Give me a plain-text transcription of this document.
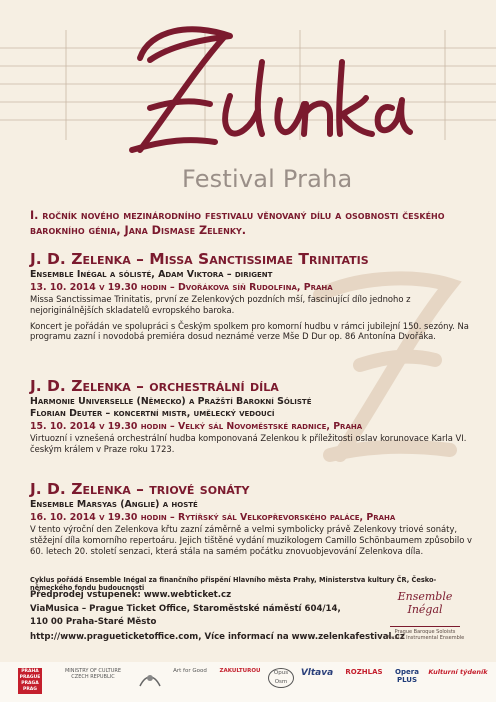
Festival Praha
I. ročník nového mezinárodního festivalu věnovaný dílu a osobnosti českého barokního génia, Jana Dismase Zelenky.
J. D. Zelenka – Missa Sanctissimae Trinitatis
Ensemble Inégal a sólisté, Adam Viktora – dirigent
13. 10. 2014 v 19.30 hodin – Dvořákova síň Rudolfina, Praha
Missa Sanctissimae Trinitatis, první ze Zelenkových pozdních mší, fascinující dílo jednoho z nejoriginálnějších skladatelů evropského baroka.
Koncert je pořádán ve spolupráci s Českým spolkem pro komorní hudbu v rámci jubilejní 150. sezóny. Na programu zazní i novodobá premiéra dosud neznámé verze Mše D Dur op. 86 Antonína Dvořáka.
J. D. Zelenka – orchestrální díla
Harmonie Universelle (Německo) a Pražští Barokní Sólisté
Florian Deuter – koncertní mistr, umělecký vedoucí
15. 10. 2014 v 19.30 hodin – Velký sál Novoměstské radnice, Praha
Virtuozní i vznešená orchestrální hudba komponovaná Zelenkou k příležitosti oslav korunovace Karla VI. českým králem v Praze roku 1723.
J. D. Zelenka – triové sonáty
Ensemble Marsyas (Anglie) a hosté
16. 10. 2014 v 19.30 hodin – Rytířský sál Velkopřevorského paláce, Praha
V tento výroční den Zelenkova křtu zazní záměrně a velmi symbolicky právě Zelenkovy triové sonáty, stěžejní díla komorního repertoáru. Jejich tištěné vydání muzikologem Camillo Schönbaumem způsobilo v 60. letech 20. století senzaci, která stála na samém počátku znovuobjevování Zelenkova díla.
Cyklus pořádá Ensemble Inégal za finančního přispění Hlavního města Prahy, Ministerstva kultury ČR, Česko-německého fondu budoucnosti
Předprodej vstupenek: www.webticket.cz
ViaMusica – Prague Ticket Office, Staroměstské náměstí 604/14,
110 00 Praha-Staré Město
http://www.pragueticketoffice.com, Více informací na www.zelenkafestival.cz
Ensemble Inégal
Prague Baroque Soloists
Vocal & Instrumental Ensemble
PRAHA PRAGUE PRAGA PRAG
MINISTRY OF CULTURE CZECH REPUBLIC
Art for Good	ZAKULTUROU	Opus Osm
Vltava	ROZHLAS	Opera PLUS
Kulturní týdeník
